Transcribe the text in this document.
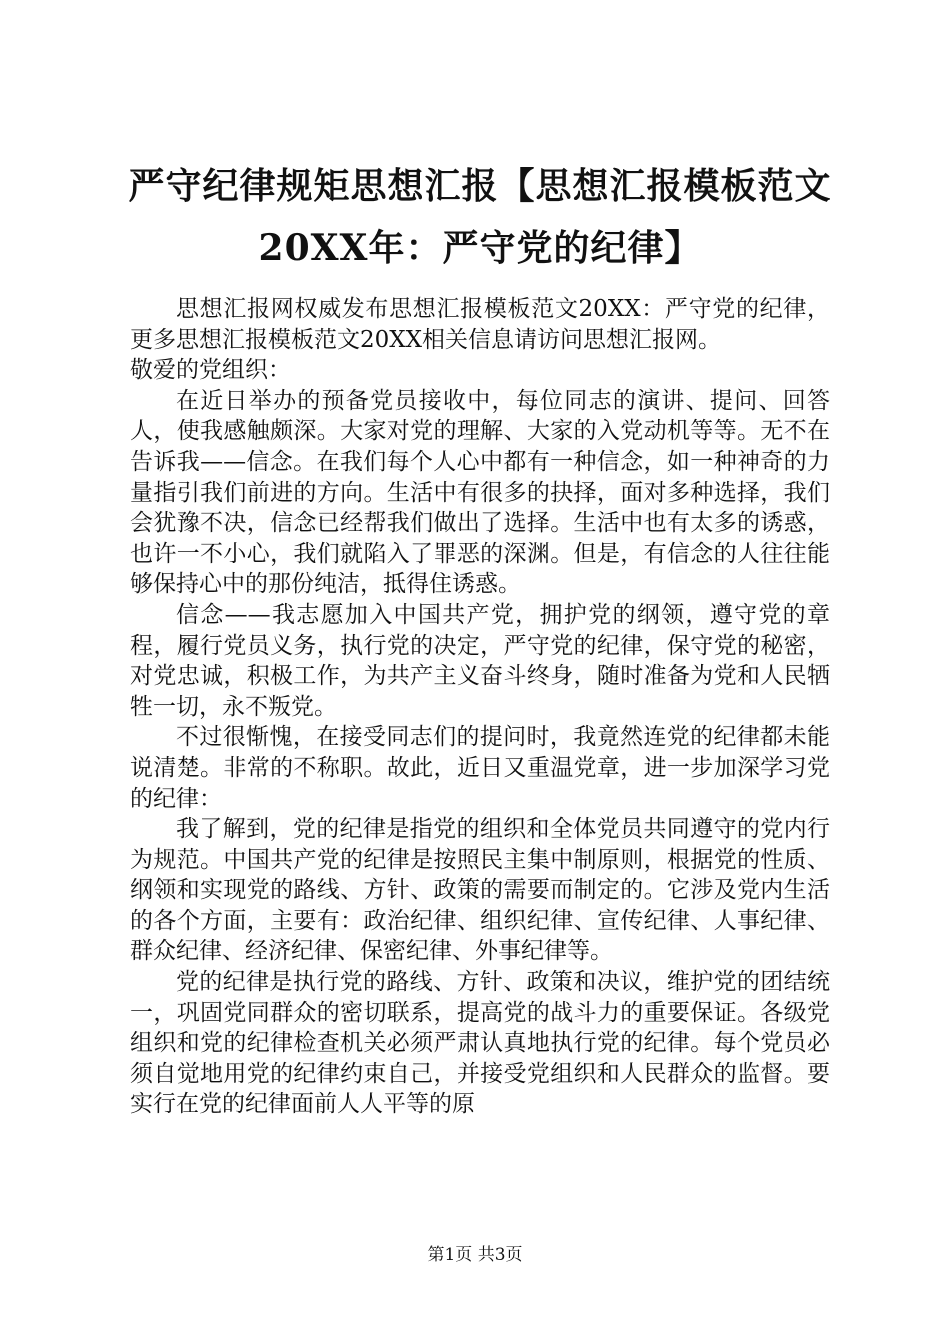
严守纪律规矩思想汇报【思想汇报模板范文
20XX年：严守党的纪律】

思想汇报网权威发布思想汇报模板范文20XX：严守党的纪律，更多思想汇报模板范文20XX相关信息请访问思想汇报网。

敬爱的党组织：

在近日举办的预备党员接收中，每位同志的演讲、提问、回答人，使我感触颇深。大家对党的理解、大家的入党动机等等。无不在告诉我——信念。在我们每个人心中都有一种信念，如一种神奇的力量指引我们前进的方向。生活中有很多的抉择，面对多种选择，我们会犹豫不决，信念已经帮我们做出了选择。生活中也有太多的诱惑，也许一不小心，我们就陷入了罪恶的深渊。但是，有信念的人往往能够保持心中的那份纯洁，抵得住诱惑。

信念——我志愿加入中国共产党，拥护党的纲领，遵守党的章程，履行党员义务，执行党的决定，严守党的纪律，保守党的秘密，对党忠诚，积极工作，为共产主义奋斗终身，随时准备为党和人民牺牲一切，永不叛党。

不过很惭愧，在接受同志们的提问时，我竟然连党的纪律都未能说清楚。非常的不称职。故此，近日又重温党章，进一步加深学习党的纪律：

我了解到，党的纪律是指党的组织和全体党员共同遵守的党内行为规范。中国共产党的纪律是按照民主集中制原则，根据党的性质、纲领和实现党的路线、方针、政策的需要而制定的。它涉及党内生活的各个方面，主要有：政治纪律、组织纪律、宣传纪律、人事纪律、群众纪律、经济纪律、保密纪律、外事纪律等。

党的纪律是执行党的路线、方针、政策和决议，维护党的团结统一，巩固党同群众的密切联系，提高党的战斗力的重要保证。各级党组织和党的纪律检查机关必须严肃认真地执行党的纪律。每个党员必须自觉地用党的纪律约束自己，并接受党组织和人民群众的监督。要实行在党的纪律面前人人平等的原

第1页 共3页
